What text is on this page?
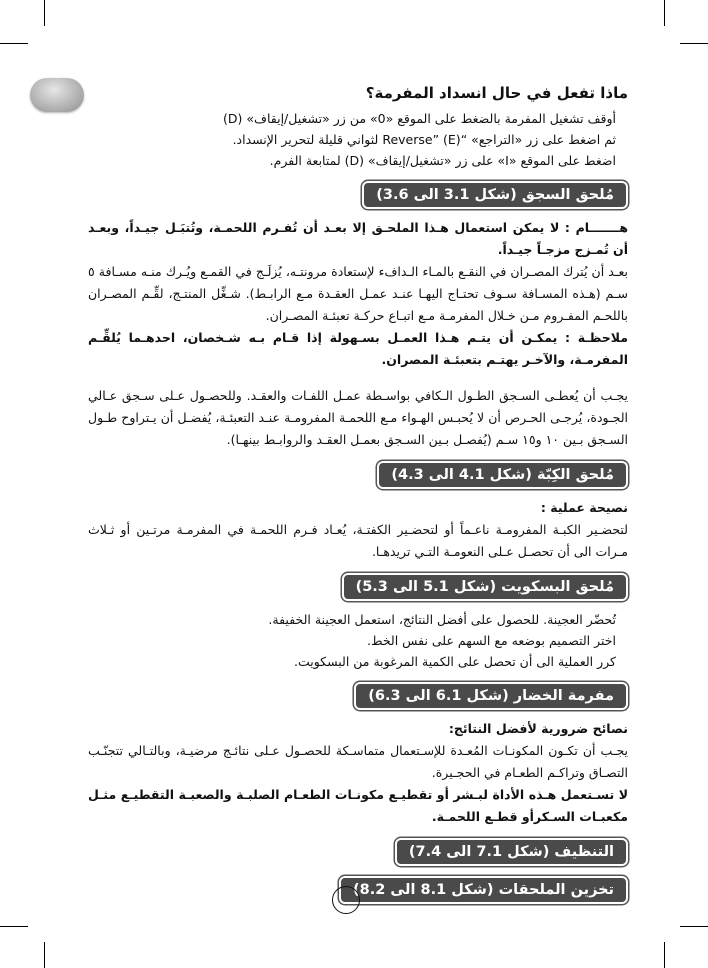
ماذا تفعل في حال انسداد المفرمة؟
أوقف تشغيل المفرمة بالضغط على الموقع «0» من زر «تشغيل/إيقاف» (D)
ثم اضغط على زر «التراجع» “Reverse” (E) لثواني قليلة لتحرير الإنسداد.
اضغط على الموقع «I» على زر «تشغيل/إيقاف» (D) لمتابعة الفرم.
مُلحق السجق (شكل 3.1 الى 3.6)

هـــــــام : لا يمكن استعمال هـذا الملحـق إلا بعـد أن تُفـرم اللحمـة، وتُتبَـل جيـداً، وبعـد أن تُمـزج مزجـاً جيـداً.

بعـد أن يُترك المصـران في النقـع بالمـاء الـدافء لإستعادة مرونتـه، يُزلَـج في القمـع ويُـرك منـه مسـافة ٥ سـم (هـذه المسـافة سـوف تحتـاج اليهـا عنـد عمـل العقـدة مـع الرابـط). شـغِّل المنتـج، لقِّـم المصـران باللحـم المفـروم مـن خـلال المفرمـة مـع اتبـاع حركـة تعبئـة المصـران.

ملاحظـة : يمكـن أن يتـم هـذا العمـل بسـهولة إذا قـام بـه شـخصان، احدهـما يُلقِّـم المفرمـة، والآخـر يهتـم بتعبئـة المصران.

يجـب أن يُعطـى السـجق الطـول الـكافي بواسـطة عمـل اللفـات والعقـد. وللحصـول عـلى سـجق عـالي الجـودة، يُرجـى الحـرص أن لا يُحبـس الهـواء مـع اللحمـة المفرومـة عنـد التعبئـة، يُفضـل أن يـتراوح طـول السـجق بـين ١٠ و١٥ سـم (يُفصـل بـين السـجق بعمـل العقـد والروابـط بينهـا).

مُلحق الكِبّة (شكل 4.1 الى 4.3)

نصيحة عملية :

لتحضـير الكبـة المفرومـة ناعـماً أو لتحضـير الكفتـة، يُعـاد فـرم اللحمـة في المفرمـة مرتـين أو ثـلاث مـرات الى أن تحصـل عـلى النعومـة التـي تريدهـا.

مُلحق البسكويت (شكل 5.1 الى 5.3)
تُحضّر العجينة. للحصول على أفضل النتائج، استعمل العجينة الخفيفة.
اختر التصميم بوضعه مع السهم على نفس الخط.
كرر العملية الى أن تحصل على الكمية المرغوبة من البسكويت.
مفرمة الخضار (شكل 6.1 الى 6.3)

نصائح ضرورية لأفضل النتائج:

يجـب أن تكـون المكونـات المُعـدة للإسـتعمال متماسـكة للحصـول عـلى نتائـج مرضيـة، وبالتـالي تتجنّـب التصـاق وتراكـم الطعـام في الحجـيرة.

لا تسـتعمل هـذه الأداة لبـشر أو تقطيـع مكونـات الطعـام الصلبـة والصعبـة التقطيـع مثـل مكعبـات السـكرأو قطـع اللحمـة.

التنظيف (شكل 7.1 الى 7.4)
تخزين الملحقات (شكل 8.1 الى 8.2)
